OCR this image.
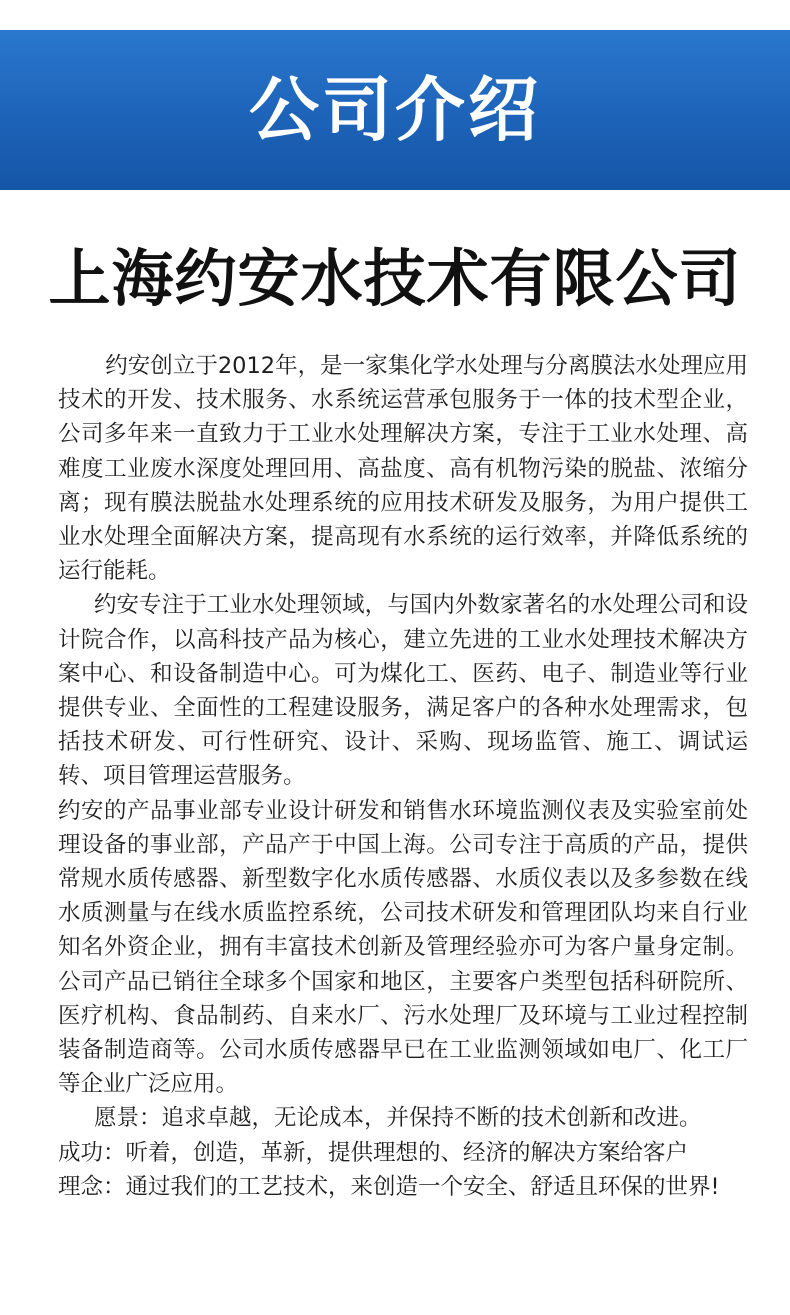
公司介绍
上海约安水技术有限公司

约安创立于2012年，是一家集化学水处理与分离膜法水处理应用技术的开发、技术服务、水系统运营承包服务于一体的技术型企业，公司多年来一直致力于工业水处理解决方案，专注于工业水处理、高难度工业废水深度处理回用、高盐度、高有机物污染的脱盐、浓缩分离；现有膜法脱盐水处理系统的应用技术研发及服务，为用户提供工业水处理全面解决方案，提高现有水系统的运行效率，并降低系统的运行能耗。

约安专注于工业水处理领域，与国内外数家著名的水处理公司和设计院合作，以高科技产品为核心，建立先进的工业水处理技术解决方案中心、和设备制造中心。可为煤化工、医药、电子、制造业等行业提供专业、全面性的工程建设服务，满足客户的各种水处理需求，包括技术研发、可行性研究、设计、采购、现场监管、施工、调试运转、项目管理运营服务。

约安的产品事业部专业设计研发和销售水环境监测仪表及实验室前处理设备的事业部，产品产于中国上海。公司专注于高质的产品，提供常规水质传感器、新型数字化水质传感器、水质仪表以及多参数在线水质测量与在线水质监控系统，公司技术研发和管理团队均来自行业知名外资企业，拥有丰富技术创新及管理经验亦可为客户量身定制。公司产品已销往全球多个国家和地区，主要客户类型包括科研院所、医疗机构、食品制药、自来水厂、污水处理厂及环境与工业过程控制装备制造商等。公司水质传感器早已在工业监测领域如电厂、化工厂等企业广泛应用。

愿景：追求卓越，无论成本，并保持不断的技术创新和改进。

成功：听着，创造，革新，提供理想的、经济的解决方案给客户

理念：通过我们的工艺技术，来创造一个安全、舒适且环保的世界!
